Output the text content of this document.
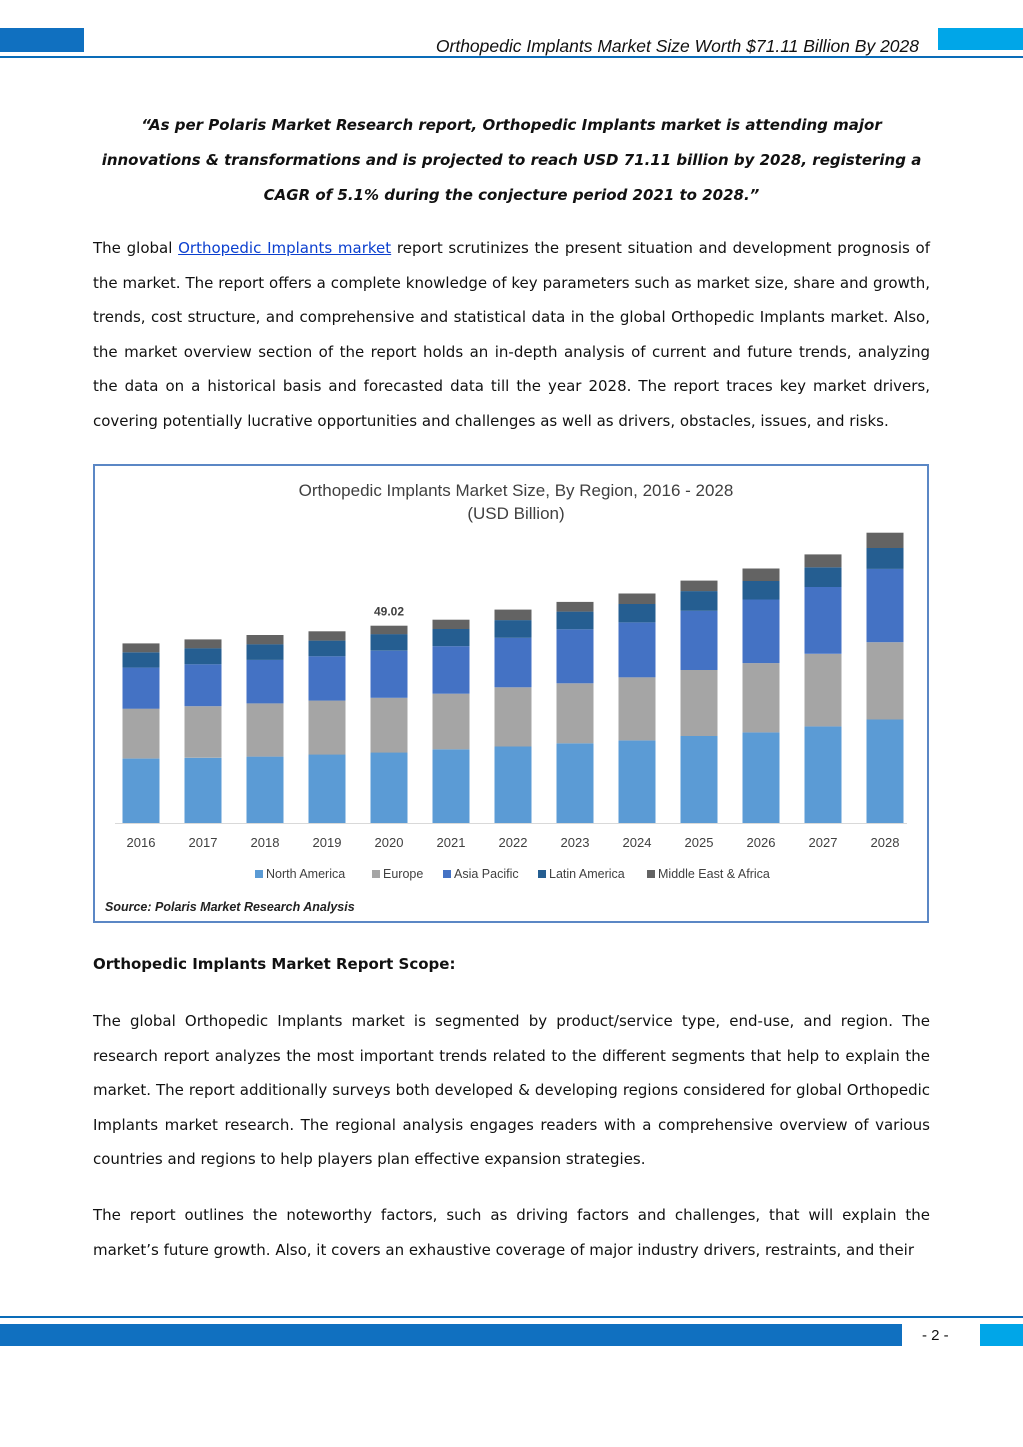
Orthopedic Implants Market Size Worth $71.11 Billion By 2028
“As per Polaris Market Research report, Orthopedic Implants market is attending major innovations & transformations and is projected to reach USD 71.11 billion by 2028, registering a CAGR of 5.1% during the conjecture period 2021 to 2028.”
The global Orthopedic Implants market report scrutinizes the present situation and development prognosis of the market. The report offers a complete knowledge of key parameters such as market size, share and growth, trends, cost structure, and comprehensive and statistical data in the global Orthopedic Implants market. Also, the market overview section of the report holds an in-depth analysis of current and future trends, analyzing the data on a historical basis and forecasted data till the year 2028. The report traces key market drivers, covering potentially lucrative opportunities and challenges as well as drivers, obstacles, issues, and risks.
Orthopedic Implants Market Size, By Region, 2016 - 2028
(USD Billion)
49.02
2016	2017	2018	2019	2020	2021	2022	2023	2024	2025	2026	2027	2028
North America	Europe Asia Pacific Latin America	Middle East & Africa
Source: Polaris Market Research Analysis
Orthopedic Implants Market Report Scope:
The global Orthopedic Implants market is segmented by product/service type, end-use, and region. The research report analyzes the most important trends related to the different segments that help to explain the market. The report additionally surveys both developed & developing regions considered for global Orthopedic Implants market research. The regional analysis engages readers with a comprehensive overview of various countries and regions to help players plan effective expansion strategies.
The report outlines the noteworthy factors, such as driving factors and challenges, that will explain the market’s future growth. Also, it covers an exhaustive coverage of major industry drivers, restraints, and their
- 2 -
